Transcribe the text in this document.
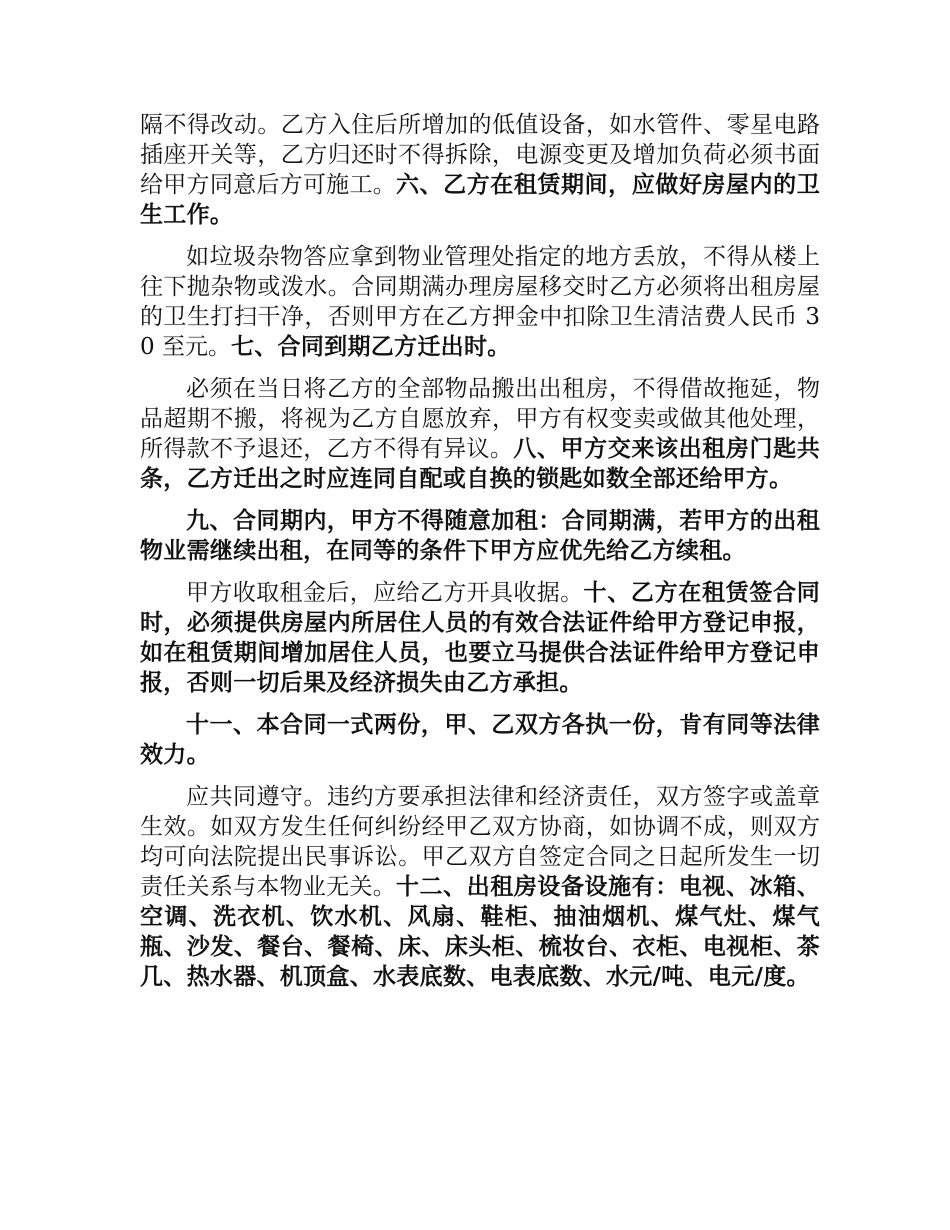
隔不得改动。乙方入住后所增加的低值设备，如水管件、零星电路插座开关等，乙方归还时不得拆除，电源变更及增加负荷必须书面给甲方同意后方可施工。六、乙方在租赁期间，应做好房屋内的卫生工作。

如垃圾杂物答应拿到物业管理处指定的地方丢放，不得从楼上往下抛杂物或泼水。合同期满办理房屋移交时乙方必须将出租房屋的卫生打扫干净，否则甲方在乙方押金中扣除卫生清洁费人民币 30 至元。七、合同到期乙方迁出时。

必须在当日将乙方的全部物品搬出出租房，不得借故拖延，物品超期不搬，将视为乙方自愿放弃，甲方有权变卖或做其他处理，所得款不予退还，乙方不得有异议。八、甲方交来该出租房门匙共条，乙方迁出之时应连同自配或自换的锁匙如数全部还给甲方。

九、合同期内，甲方不得随意加租：合同期满，若甲方的出租物业需继续出租，在同等的条件下甲方应优先给乙方续租。

甲方收取租金后，应给乙方开具收据。十、乙方在租赁签合同时，必须提供房屋内所居住人员的有效合法证件给甲方登记申报，如在租赁期间增加居住人员，也要立马提供合法证件给甲方登记申报，否则一切后果及经济损失由乙方承担。

十一、本合同一式两份，甲、乙双方各执一份，肯有同等法律效力。

应共同遵守。违约方要承担法律和经济责任，双方签字或盖章生效。如双方发生任何纠纷经甲乙双方协商，如协调不成，则双方均可向法院提出民事诉讼。甲乙双方自签定合同之日起所发生一切责任关系与本物业无关。十二、出租房设备设施有：电视、冰箱、空调、洗衣机、饮水机、风扇、鞋柜、抽油烟机、煤气灶、煤气瓶、沙发、餐台、餐椅、床、床头柜、梳妆台、衣柜、电视柜、茶几、热水器、机顶盒、水表底数、电表底数、水元/吨、电元/度。
